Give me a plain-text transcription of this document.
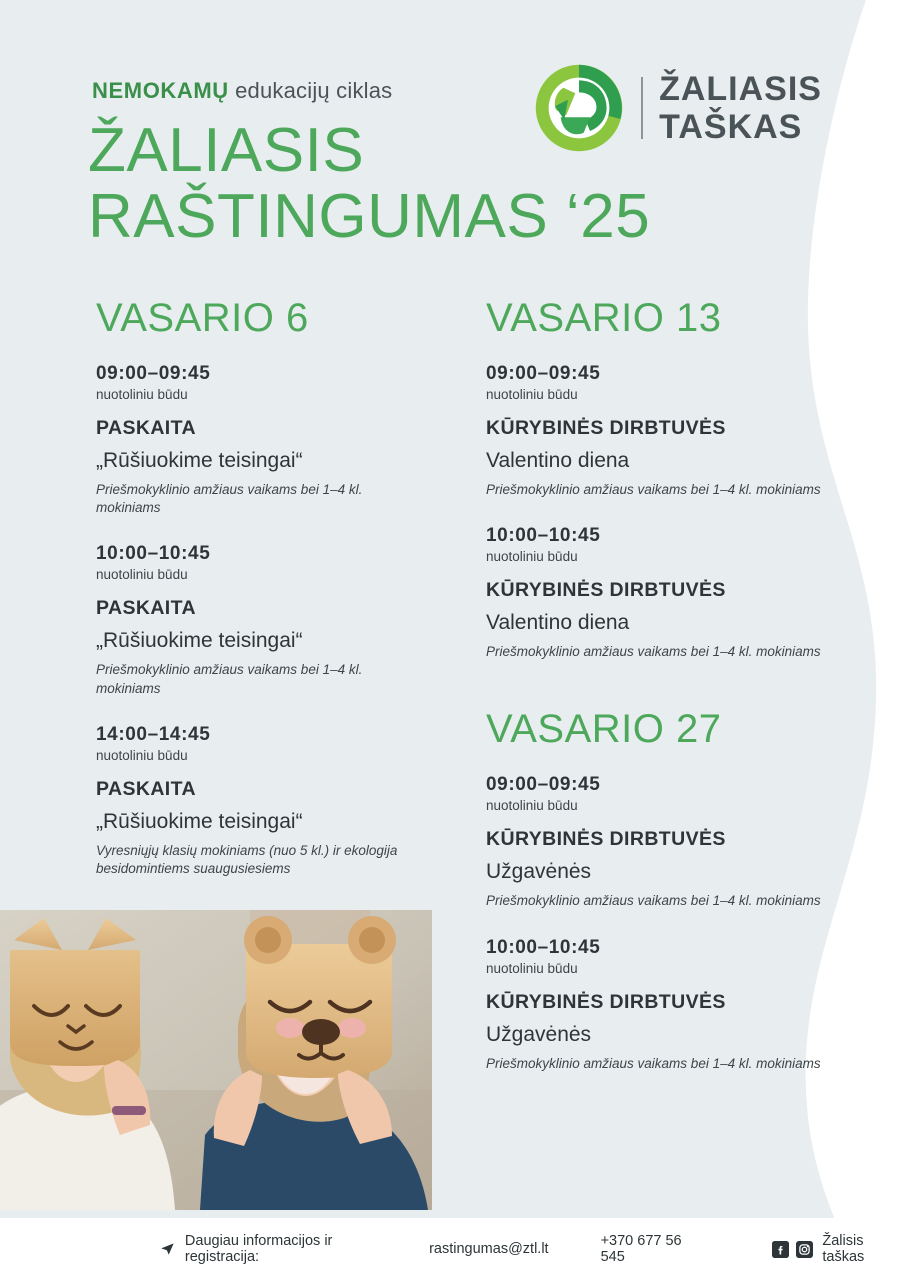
NEMOKAMŲ edukacijų ciklas
ŽALIASIS
RAŠTINGUMAS ‘25
ŽALIASIS
TAŠKAS
VASARIO 6
09:00–09:45
nuotoliniu būdu
PASKAITA
„Rūšiuokime teisingai“
Priešmokyklinio amžiaus vaikams bei 1–4 kl. mokiniams
10:00–10:45
nuotoliniu būdu
PASKAITA
„Rūšiuokime teisingai“
Priešmokyklinio amžiaus vaikams bei 1–4 kl. mokiniams
14:00–14:45
nuotoliniu būdu
PASKAITA
„Rūšiuokime teisingai“
Vyresniųjų klasių mokiniams (nuo 5 kl.) ir ekologija besidomintiems suaugusiesiems
VASARIO 13
09:00–09:45
nuotoliniu būdu
KŪRYBINĖS DIRBTUVĖS
Valentino diena
Priešmokyklinio amžiaus vaikams bei 1–4 kl. mokiniams
10:00–10:45
nuotoliniu būdu
KŪRYBINĖS DIRBTUVĖS
Valentino diena
Priešmokyklinio amžiaus vaikams bei 1–4 kl. mokiniams
VASARIO 27
09:00–09:45
nuotoliniu būdu
KŪRYBINĖS DIRBTUVĖS
Užgavėnės
Priešmokyklinio amžiaus vaikams bei 1–4 kl. mokiniams
10:00–10:45
nuotoliniu būdu
KŪRYBINĖS DIRBTUVĖS
Užgavėnės
Priešmokyklinio amžiaus vaikams bei 1–4 kl. mokiniams
Daugiau informacijos ir registracija:	rastingumas@ztl.lt	+370 677 56 545
Žalisis taškas
